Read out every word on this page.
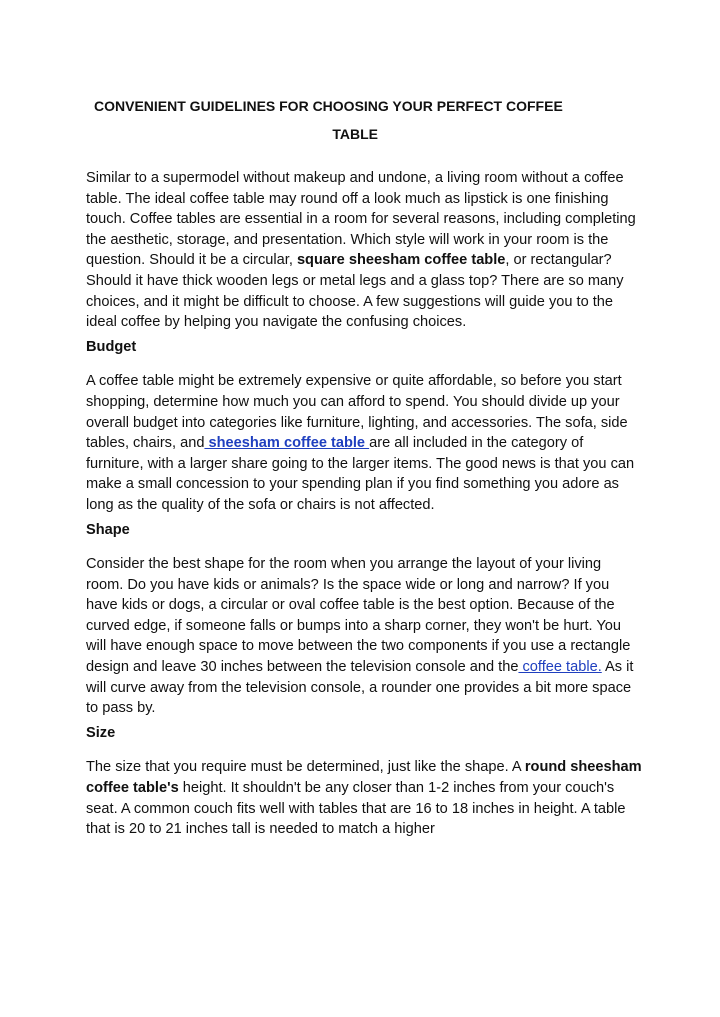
CONVENIENT GUIDELINES FOR CHOOSING YOUR PERFECT COFFEE
TABLE

Similar to a supermodel without makeup and undone, a living room without a coffee table. The ideal coffee table may round off a look much as lipstick is one finishing touch. Coffee tables are essential in a room for several reasons, including completing the aesthetic, storage, and presentation. Which style will work in your room is the question. Should it be a circular, square sheesham coffee table, or rectangular? Should it have thick wooden legs or metal legs and a glass top? There are so many choices, and it might be difficult to choose. A few suggestions will guide you to the ideal coffee by helping you navigate the confusing choices.

Budget

A coffee table might be extremely expensive or quite affordable, so before you start shopping, determine how much you can afford to spend. You should divide up your overall budget into categories like furniture, lighting, and accessories. The sofa, side tables, chairs, and sheesham coffee table are all included in the category of furniture, with a larger share going to the larger items. The good news is that you can make a small concession to your spending plan if you find something you adore as long as the quality of the sofa or chairs is not affected.

Shape

Consider the best shape for the room when you arrange the layout of your living room. Do you have kids or animals? Is the space wide or long and narrow? If you have kids or dogs, a circular or oval coffee table is the best option. Because of the curved edge, if someone falls or bumps into a sharp corner, they won't be hurt. You will have enough space to move between the two components if you use a rectangle design and leave 30 inches between the television console and the coffee table. As it will curve away from the television console, a rounder one provides a bit more space to pass by.

Size

The size that you require must be determined, just like the shape. A round sheesham coffee table's height. It shouldn't be any closer than 1-2 inches from your couch's seat. A common couch fits well with tables that are 16 to 18 inches in height. A table that is 20 to 21 inches tall is needed to match a higher
